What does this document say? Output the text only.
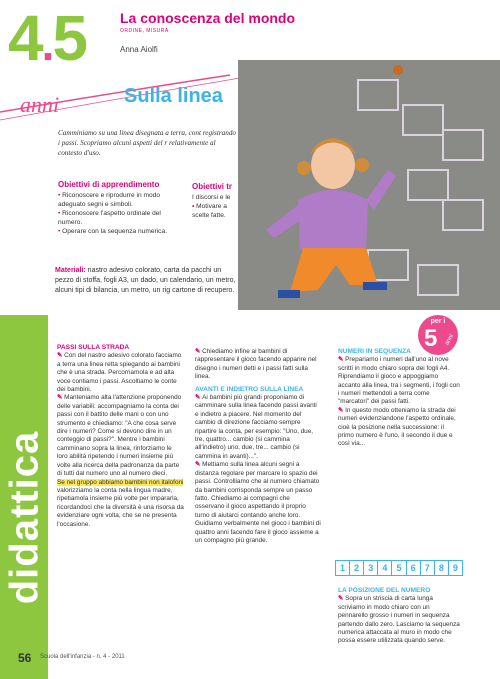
4.5
anni
La conoscenza del mondo
ORDINE, MISURA
Anna Aiolfi
Sulla linea
Camminiamo su una linea disegnata a terra, cont registrando i passi. Scopriamo alcuni aspetti del r relativamente al contesto d'uso.
Obiettivi di apprendimento
• Riconoscere e riprodurre in modo adeguato segni e simboli.
• Riconoscere l'aspetto ordinale del numero.
• Operare con la sequenza numerica.
Obiettivi tr
I discorsi e le
• Motivare a
scelte fatte.
Materiali: nastro adesivo colorato, carta da pacchi un pezzo di stoffa, fogli A3, un dado, un calendario, un metro, alcuni tipi di bilancia, un metro, un rig cartone di recupero.
didattica
PASSI SULLA STRADA
✎ Con del nastro adesivo colorato facciamo a terra una linea retta spiegando ai bambini che è una strada. Percorriamola e ad alta voce contiamo i passi. Ascoltiamo le conte dei bambini.
✎ Manteniamo alta l'attenzione proponendo delle variabili: accompagniamo la conta dei passi con il battito delle mani o con uno strumento e chiediamo: "A che cosa serve dire i numeri? Come si devono dire in un conteggio di passi?". Mentre i bambini camminano sopra la linea, rinforziamo le loro abilità ripetendo i numeri insieme più volte alla ricerca della padronanza da parte di tutti dal numero uno al numero dieci.
Se nel gruppo abbiamo bambini non italofoni valorizziamo la conta nella lingua madre, ripetiamola insieme più volte per impararla, ricordandoci che la diversità è una risorsa da evidenziare ogni volta, che se ne presenta l'occasione.
✎ Chiediamo infine ai bambini di rappresentare il gioco facendo apparire nel disegno i numeri detti e i passi fatti sulla linea.
AVANTI E INDIETRO SULLA LINEA
✎ Ai bambini più grandi proponiamo di camminare sulla linea facendo passi avanti e indietro a piacere. Nel momento del cambio di direzione facciamo sempre ripartire la conta, per esempio: "Uno, due, tre, quattro... cambio (si cammina all'indietro) uno, due, tre... cambio (si cammina in avanti)...".
✎ Mettiamo sulla linea alcuni segni a distanza regolare per marcare lo spazio dei passi. Controlliamo che al numero chiamato da bambini corrisponda sempre un passo fatto. Chiediamo ai compagni che osservano il gioco aspettando il proprio turno di aiutarci contando anche loro. Guidiamo verbalmente nel gioco i bambini di quattro anni facendo fare il gioco assieme a un compagno più grande.
per i
5 anni
NUMERI IN SEQUENZA
✎ Prepariamo i numeri dall'uno al nove scritti in modo chiaro sopra dei fogli A4. Riprendiamo il gioco e appoggiamo accanto alla linea, tra i segmenti, i fogli con i numeri mettendoli a terra come "marcatori" dei passi fatti.
✎ In questo modo otteniamo la strada dei numeri evidenziandone l'aspetto ordinale, cioè la posizione nella successione: il primo numero è l'uno, il secondo il due e così via...
1	2	3	4	5	6	7	8	9
LA POSIZIONE DEL NUMERO
✎ Sopra un striscia di carta lunga scriviamo in modo chiaro con un pennarello grosso i numeri in sequenza partendo dallo zero. Lasciamo la sequenza numerica attaccata al muro in modo che possa essere utilizzata quando serve.
56 Scuola dell'infanzia - n. 4 - 2011
